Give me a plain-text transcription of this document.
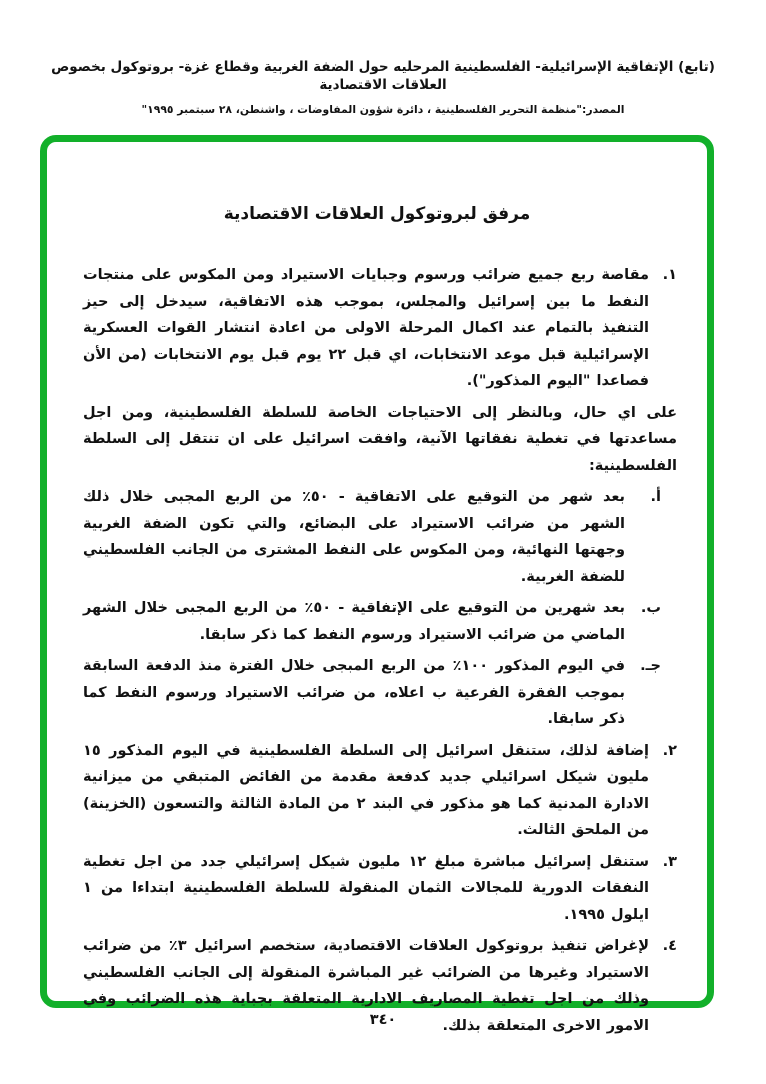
(تابع) الإتفاقية الإسرائيلية- الفلسطينية المرحليه حول الضفة الغربية وقطاع غزة- بروتوكول بخصوص العلاقات الاقتصادية
المصدر:"منظمة التحرير الفلسطينية ، دائرة شؤون المفاوضات ، واشنطن، ٢٨ سبتمبر ١٩٩٥"
مرفق لبروتوكول العلاقات الاقتصادية
١.
مقاصة ربع جميع ضرائب ورسوم وجبايات الاستيراد ومن المكوس على منتجات النفط ما بين إسرائيل والمجلس، بموجب هذه الاتفاقية، سيدخل إلى حيز التنفيذ بالتمام عند اكمال المرحلة الاولى من اعادة انتشار القوات العسكرية الإسرائيلية قبل موعد الانتخابات، اي قبل ٢٢ يوم قبل يوم الانتخابات (من الأن فصاعدا "اليوم المذكور").
على اي حال، وبالنظر إلى الاحتياجات الخاصة للسلطة الفلسطينية، ومن اجل مساعدتها في تغطية نفقاتها الآنية، وافقت اسرائيل على ان تنتقل إلى السلطة الفلسطينية:
أ.
بعد شهر من التوقيع على الاتفاقية - ٥٠٪ من الربع المجبى خلال ذلك الشهر من ضرائب الاستيراد على البضائع، والتي تكون الضفة الغربية وجهتها النهائية، ومن المكوس على النفط المشترى من الجانب الفلسطيني للضفة الغربية.
ب.
بعد شهرين من التوقيع على الإتفاقية - ٥٠٪ من الربع المجبى خلال الشهر الماضي من ضرائب الاستيراد ورسوم النفط كما ذكر سابقا.
جـ.
في اليوم المذكور ١٠٠٪ من الربع المبجى خلال الفترة منذ الدفعة السابقة بموجب الفقرة الفرعية ب اعلاه، من ضرائب الاستيراد ورسوم النفط كما ذكر سابقا.
٢.
إضافة لذلك، ستنقل اسرائيل إلى السلطة الفلسطينية في اليوم المذكور ١٥ مليون شيكل اسرائيلي جديد كدفعة مقدمة من الفائض المتبقي من ميزانية الادارة المدنية كما هو مذكور في البند ٢ من المادة الثالثة والتسعون (الخزينة) من الملحق الثالث.
٣.
ستنقل إسرائيل مباشرة مبلغ ١٢ مليون شيكل إسرائيلي جدد من اجل تغطية النفقات الدورية للمجالات الثمان المنقولة للسلطة الفلسطينية ابتداءا من ١ ايلول ١٩٩٥.
٤.
لإغراض تنفيذ بروتوكول العلاقات الاقتصادية، ستخصم اسرائيل ٣٪ من ضرائب الاستيراد وغيرها من الضرائب غير المباشرة المنقولة إلى الجانب الفلسطيني وذلك من اجل تغطية المصاريف الادارية المتعلقة بجباية هذه الضرائب وفي الامور الاخرى المتعلقة بذلك.
٣٤٠
